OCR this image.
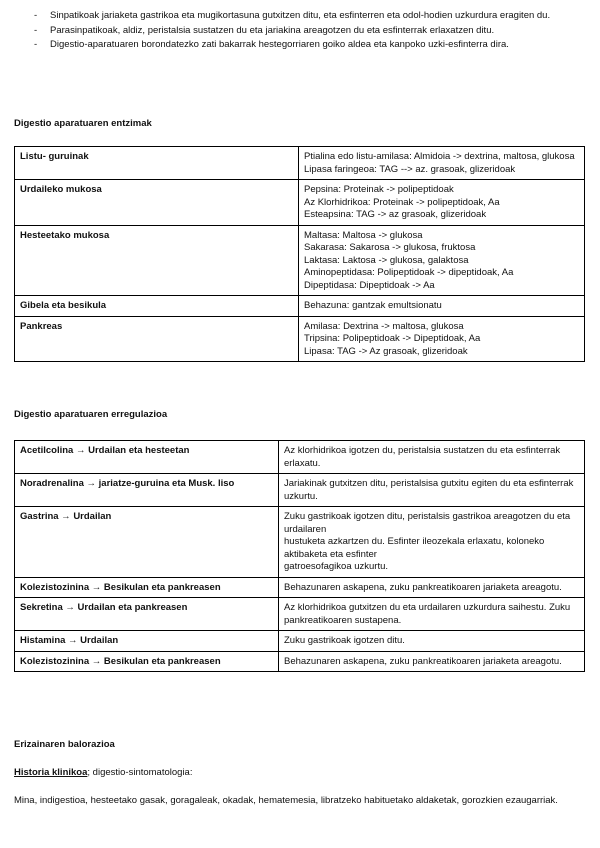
- Sinpatikoak jariaketa gastrikoa eta mugikortasuna gutxitzen ditu, eta esfinterren eta odol-hodien uzkurdura eragiten du.
- Parasinpatikoak, aldiz, peristalsia sustatzen du eta jariakina areagotzen du eta esfinterrak erlaxatzen ditu.
- Digestio-aparatuaren borondatezko zati bakarrak hestegorriaren goiko aldea eta kanpoko uzki-esfinterra dira.
Digestio aparatuaren entzimak
Listu- guruinak	Ptialina edo listu-amilasa: Almidoia -> dextrina, maltosa, glukosa
Lipasa faringeoa: TAG --> az. grasoak, glizeridoak

Urdaileko mukosa	Pepsina: Proteinak -> polipeptidoak
Az Klorhidrikoa: Proteinak -> polipeptidoak, Aa
Esteapsina: TAG -> az grasoak, glizeridoak

Hesteetako mukosa	Maltasa: Maltosa -> glukosa
Sakarasa: Sakarosa -> glukosa, fruktosa
Laktasa: Laktosa -> glukosa, galaktosa
Aminopeptidasa: Polipeptidoak -> dipeptidoak, Aa
Dipeptidasa: Dipeptidoak -> Aa

Gibela eta besikula	Behazuna: gantzak emultsionatu

Pankreas	Amilasa: Dextrina -> maltosa, glukosa
Tripsina: Polipeptidoak -> Dipeptidoak, Aa
Lipasa: TAG -> Az grasoak, glizeridoak
Digestio aparatuaren erregulazioa
Acetilcolina → Urdailan eta hesteetan	Az klorhidrikoa igotzen du, peristalsia sustatzen du eta esfinterrak erlaxatu.

Noradrenalina → jariatze-guruina eta Musk. liso	Jariakinak gutxitzen ditu, peristalsisa gutxitu egiten du eta esfinterrak uzkurtu.

Gastrina → Urdailan	Zuku gastrikoak igotzen ditu, peristalsis gastrikoa areagotzen du eta urdailaren
hustuketa azkartzen du. Esfinter ileozekala erlaxatu, koloneko aktibaketa eta esfinter
gatroesofagikoa uzkurtu.

Kolezistozinina → Besikulan eta pankreasen	Behazunaren askapena, zuku pankreatikoaren jariaketa areagotu.

Sekretina → Urdailan eta pankreasen	Az klorhidrikoa gutxitzen du eta urdailaren uzkurdura saihestu. Zuku pankreatikoaren sustapena.

Histamina → Urdailan	Zuku gastrikoak igotzen ditu.

Kolezistozinina → Besikulan eta pankreasen	Behazunaren askapena, zuku pankreatikoaren jariaketa areagotu.
Erizainaren balorazioa
Historia klinikoa; digestio-sintomatologia:
Mina, indigestioa, hesteetako gasak, goragaleak, okadak, hematemesia, libratzeko habituetako aldaketak, gorozkien ezaugarriak.
